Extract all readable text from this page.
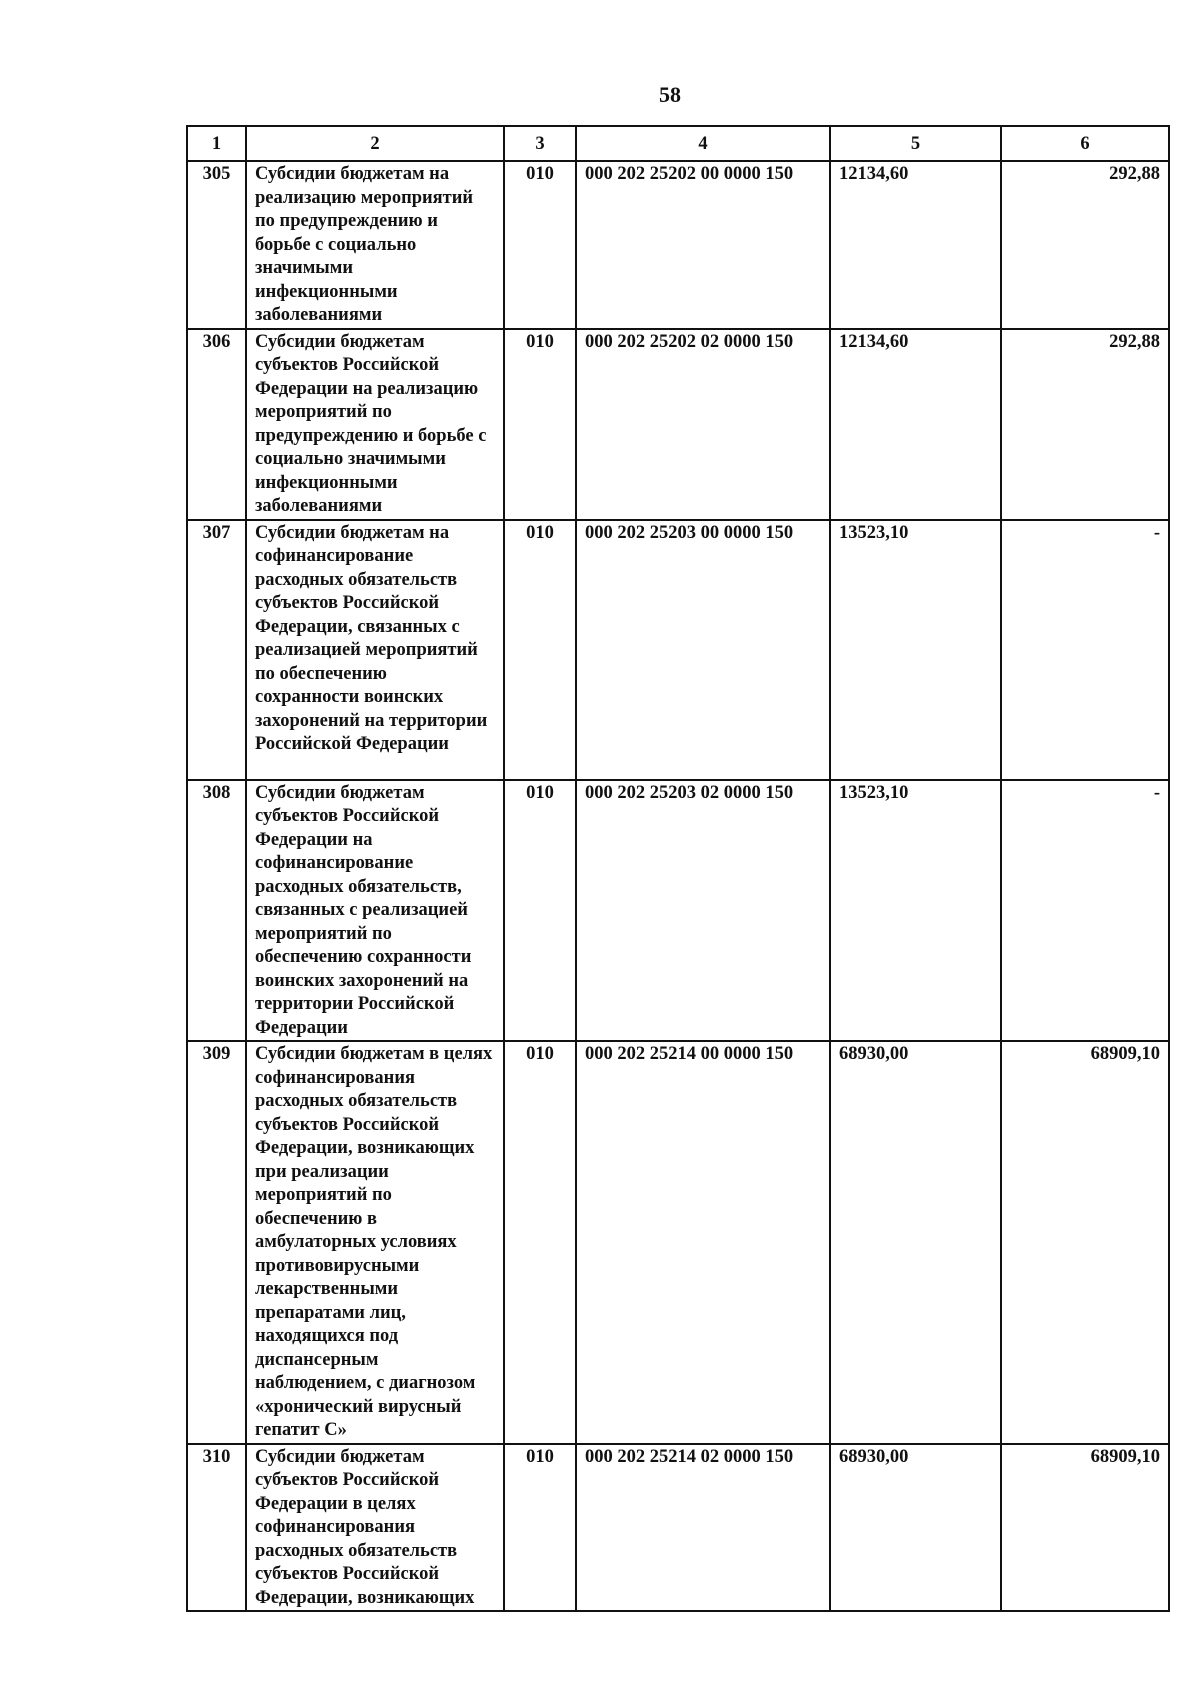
58
1	2	3	4	5	6
305	Субсидии бюджетам на реализацию мероприятий по предупреждению и борьбе с социально значимыми инфекционными заболеваниями	010	000 202 25202 00 0000 150	12134,60	292,88
306	Субсидии бюджетам субъектов Российской Федерации на реализацию мероприятий по предупреждению и борьбе с социально значимыми инфекционными заболеваниями	010	000 202 25202 02 0000 150	12134,60	292,88
307	Субсидии бюджетам на софинансирование расходных обязательств субъектов Российской Федерации, связанных с реализацией мероприятий по обеспечению сохранности воинских захоронений на территории Российской Федерации	010	000 202 25203 00 0000 150	13523,10	-
308	Субсидии бюджетам субъектов Российской Федерации на софинансирование расходных обязательств, связанных с реализацией мероприятий по обеспечению сохранности воинских захоронений на территории Российской Федерации	010	000 202 25203 02 0000 150	13523,10	-
309	Субсидии бюджетам в целях софинансирования расходных обязательств субъектов Российской Федерации, возникающих при реализации мероприятий по обеспечению в амбулаторных условиях противовирусными лекарственными препаратами лиц, находящихся под диспансерным наблюдением, с диагнозом «хронический вирусный гепатит С»	010	000 202 25214 00 0000 150	68930,00	68909,10
310	Субсидии бюджетам субъектов Российской Федерации в целях софинансирования расходных обязательств субъектов Российской Федерации, возникающих	010	000 202 25214 02 0000 150	68930,00	68909,10
